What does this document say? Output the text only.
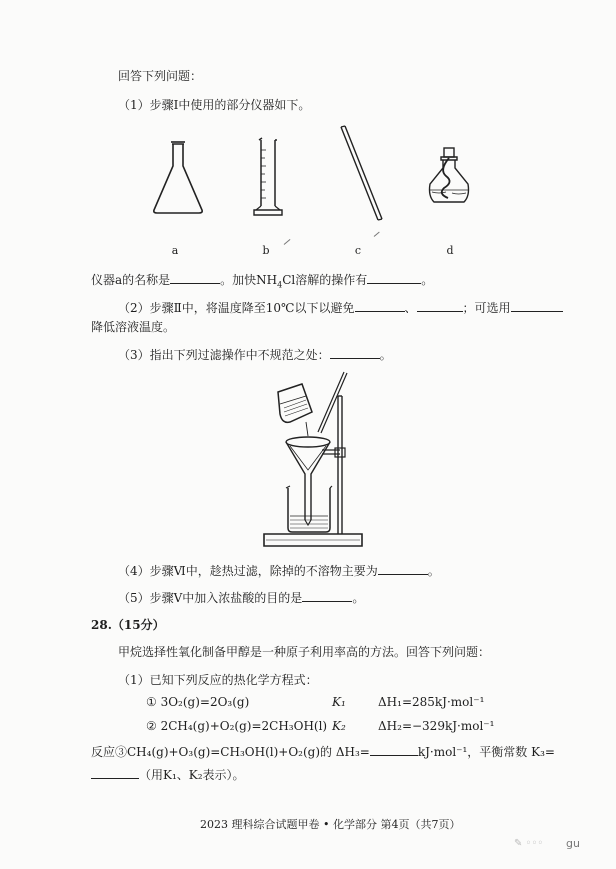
回答下列问题：

（1）步骤Ⅰ中使用的部分仪器如下。

a	b	c	d

仪器a的名称是	。加快$NH_4Cl$溶解的操作有	。

（2）步骤Ⅱ中，将温度降至10℃以下以避免	、	；可选用

降低溶液温度。

（3）指出下列过滤操作中不规范之处：	。

（4）步骤Ⅵ中，趁热过滤，除掉的不溶物主要为	。

（5）步骤Ⅴ中加入浓盐酸的目的是	。

28.（15分）

甲烷选择性氧化制备甲醇是一种原子利用率高的方法。回答下列问题：

（1）已知下列反应的热化学方程式：

① 3O₂(g)=2O₃(g)	K₁	ΔH₁=285kJ·mol⁻¹
② 2CH₄(g)+O₂(g)=2CH₃OH(l) K₂	ΔH₂=−329kJ·mol⁻¹

反应③CH₄(g)+O₃(g)=CH₃OH(l)+O₂(g)的 ΔH₃=	kJ·mol⁻¹，平衡常数 K₃=

（用K₁、K₂表示）。

2023 理科综合试题甲卷 • 化学部分 第4页（共7页）

✎ ◦◦◦ gu
